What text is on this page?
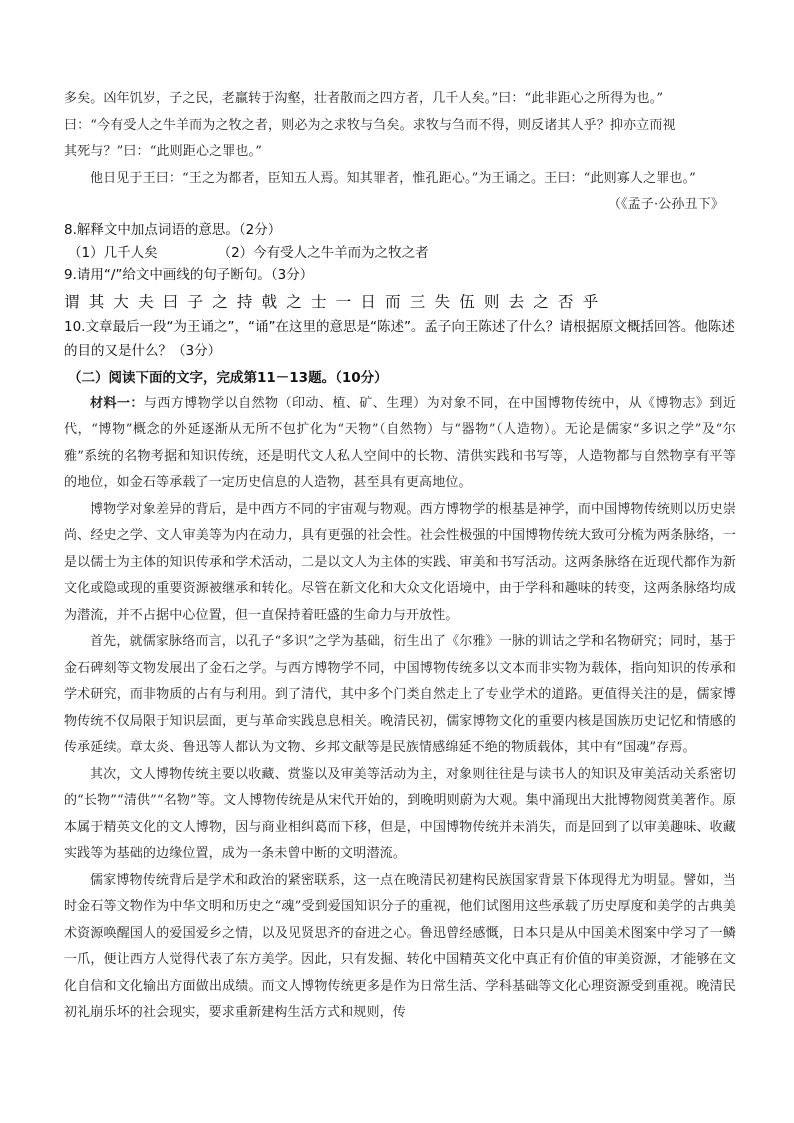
多矣。凶年饥岁，子之民，老羸转于沟壑，壮者散而之四方者，几千人矣。”曰：“此非距心之所得为也。”

曰：“今有受人之牛羊而为之牧之者，则必为之求牧与刍矣。求牧与刍而不得，则反诸其人乎？抑亦立而视

其死与？”曰：“此则距心之罪也。”

他日见于王曰：“王之为都者，臣知五人焉。知其罪者，惟孔距心。”为王诵之。王曰：“此则寡人之罪也。”

（《孟子·公孙丑下》

8.解释文中加点词语的意思。（2分）

（1）几千人矣	（2）今有受人之牛羊而为之牧之者

9.请用“/”给文中画线的句子断句。（3分）

谓其大夫曰子之持戟之士一日而三失伍则去之否乎

10.文章最后一段“为王诵之”，“诵”在这里的意思是“陈述”。孟子向王陈述了什么？请根据原文概括回答。他陈述的目的又是什么？（3分）

（二）阅读下面的文字，完成第11－13题。（10分）

材料一：与西方博物学以自然物（印动、植、矿、生理）为对象不同，在中国博物传统中，从《博物志》到近代，“博物”概念的外延逐渐从无所不包扩化为“天物”（自然物）与“器物”（人造物）。无论是儒家“多识之学”及“尔雅”系统的名物考据和知识传统，还是明代文人私人空间中的长物、清供实践和书写等，人造物都与自然物享有平等的地位，如金石等承载了一定历史信息的人造物，甚至具有更高地位。

博物学对象差异的背后，是中西方不同的宇宙观与物观。西方博物学的根基是神学，而中国博物传统则以历史崇尚、经史之学、文人审美等为内在动力，具有更强的社会性。社会性极强的中国博物传统大致可分梳为两条脉络，一是以儒士为主体的知识传承和学术活动，二是以文人为主体的实践、审美和书写活动。这两条脉络在近现代都作为新文化或隐或现的重要资源被继承和转化。尽管在新文化和大众文化语境中，由于学科和趣味的转变，这两条脉络均成为潜流，并不占据中心位置，但一直保持着旺盛的生命力与开放性。

首先，就儒家脉络而言，以孔子“多识”之学为基础，衍生出了《尔雅》一脉的训诂之学和名物研究；同时，基于金石碑刻等文物发展出了金石之学。与西方博物学不同，中国博物传统多以文本而非实物为载体，指向知识的传承和学术研究，而非物质的占有与利用。到了清代，其中多个门类自然走上了专业学术的道路。更值得关注的是，儒家博物传统不仅局限于知识层面，更与革命实践息息相关。晚清民初，儒家博物文化的重要内核是国族历史记忆和情感的传承延续。章太炎、鲁迅等人都认为文物、乡邦文献等是民族情感绵延不绝的物质载体，其中有“国魂”存焉。

其次，文人博物传统主要以收藏、赏鉴以及审美等活动为主，对象则往往是与读书人的知识及审美活动关系密切的“长物”“清供”“名物”等。文人博物传统是从宋代开始的，到晚明则蔚为大观。集中涌现出大批博物阅赏美著作。原本属于精英文化的文人博物，因与商业相纠葛而下移，但是，中国博物传统并未消失，而是回到了以审美趣味、收藏实践等为基础的边缘位置，成为一条未曾中断的文明潜流。

儒家博物传统背后是学术和政治的紧密联系，这一点在晚清民初建构民族国家背景下体现得尤为明显。譬如，当时金石等文物作为中华文明和历史之“魂”受到爱国知识分子的重视，他们试图用这些承载了历史厚度和美学的古典美术资源唤醒国人的爱国爱乡之情，以及见贤思齐的奋进之心。鲁迅曾经感慨，日本只是从中国美术图案中学习了一鳞一爪，便让西方人觉得代表了东方美学。因此，只有发掘、转化中国精英文化中真正有价值的审美资源，才能够在文化自信和文化输出方面做出成绩。而文人博物传统更多是作为日常生活、学科基础等文化心理资源受到重视。晚清民初礼崩乐坏的社会现实，要求重新建构生活方式和规则，传
